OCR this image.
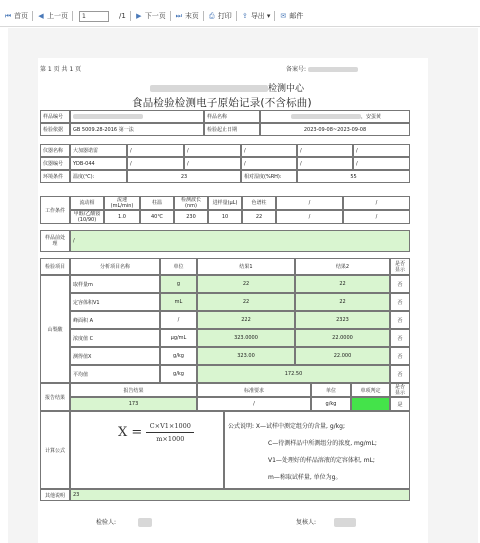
⏮ 首页 ◀ 上一页	1	/1 ▶ 下一页 ⏭ 末页 ⎙ 打印 ⇪ 导出 ▾ ✉ 邮件
第 1 页 共 1 页	备案号:
检测中心
食品检验检测电子原始记录(不含标曲)
样品编号	样品名称	，安蛋黄
检验依据	GB 5009.28-2016 第一法	检验起止日期	2023-09-08~2023-09-08
仪器名称	大加器诺雷	/	/	/	/	/
仪器编号	YDB-044	/	/	/	/	/
环境条件	温度(℃):	23	相对湿度(%RH):	55
工作条件
流动相	流速(mL/min)	柱温	检测波长(nm)	进样量(μL)	色谱柱	/	/
甲醇/乙酸铵(10/90)	1.0	40℃	230	10	22	/	/
样品前处理	/
检验项目	分析项目名称	单位	结果1	结果2
是否显示
山梨酸
取样量m	g	22	22	否
定容体积V1	mL	22	22	否
峰面积 A	/	222	2323	否
浓度值 C	μg/mL	323.0000	22.0000	否
测得值X	g/kg	323.00	22.000	否
平均值	g/kg	172.50	否
报告结果
报告结果	标准要求	单位	单项判定
是否显示
173	/	g/kg	是
计算公式
$X = \frac{C\times V1\times 1000}{m\times 1000}$	公式说明: X—试样中测定组分的含量, g/kg;
C—待测样品中所测组分的浓度, mg/mL;
V1—处理好的样品溶液的定容体积, mL;
m—称取试样量, 单位为g。
其他说明	23
检验人:	复核人:
